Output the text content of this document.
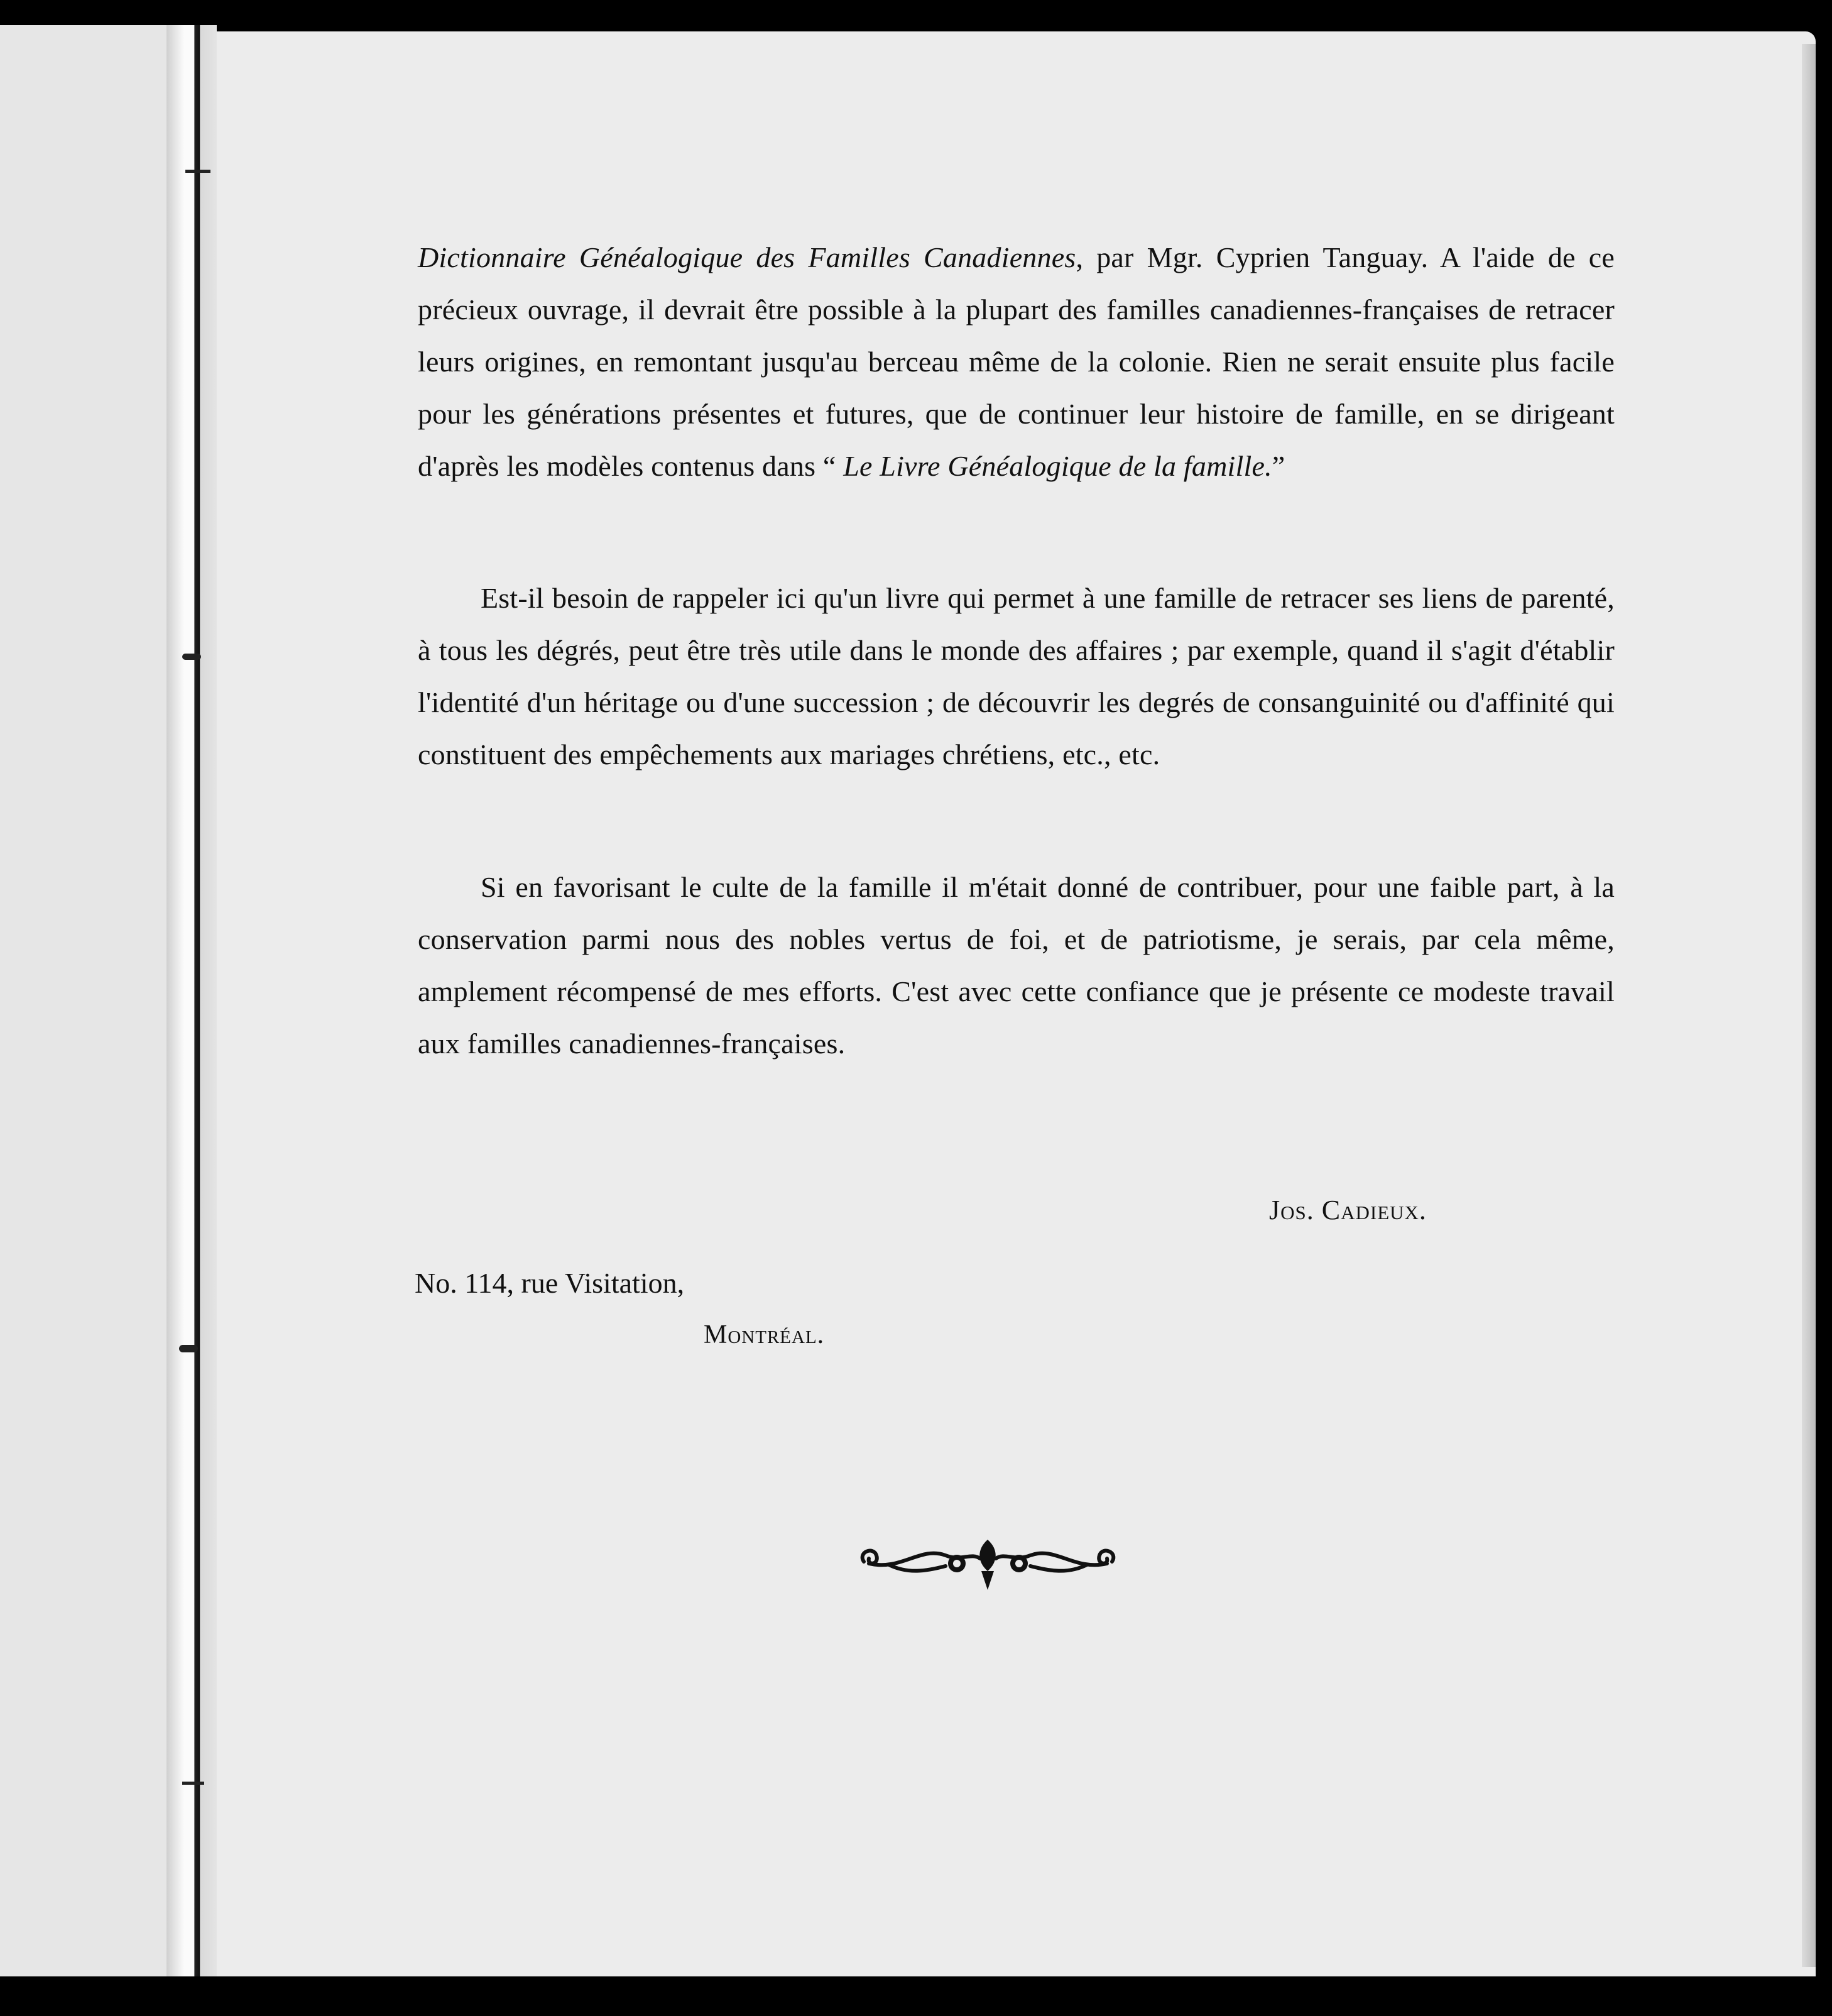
Dictionnaire Généalogique des Familles Canadiennes, par Mgr. Cyprien Tanguay. A l'aide de ce précieux ouvrage, il devrait être possible à la plupart des familles canadiennes-françaises de retracer leurs origines, en remontant jusqu'au berceau même de la colonie. Rien ne serait ensuite plus facile pour les générations présentes et futures, que de continuer leur histoire de famille, en se dirigeant d'après les modèles contenus dans “ Le Livre Généalogique de la famille.”

Est-il besoin de rappeler ici qu'un livre qui permet à une famille de retracer ses liens de parenté, à tous les dégrés, peut être très utile dans le monde des affaires ; par exemple, quand il s'agit d'établir l'identité d'un héritage ou d'une succession ; de découvrir les degrés de consanguinité ou d'affinité qui constituent des empêchements aux mariages chrétiens, etc., etc.

Si en favorisant le culte de la famille il m'était donné de contribuer, pour une faible part, à la conservation parmi nous des nobles vertus de foi, et de patriotisme, je serais, par cela même, amplement récompensé de mes efforts. C'est avec cette confiance que je présente ce modeste travail aux familles canadiennes-françaises.

Jos. Cadieux.
No. 114, rue Visitation,
Montréal.
